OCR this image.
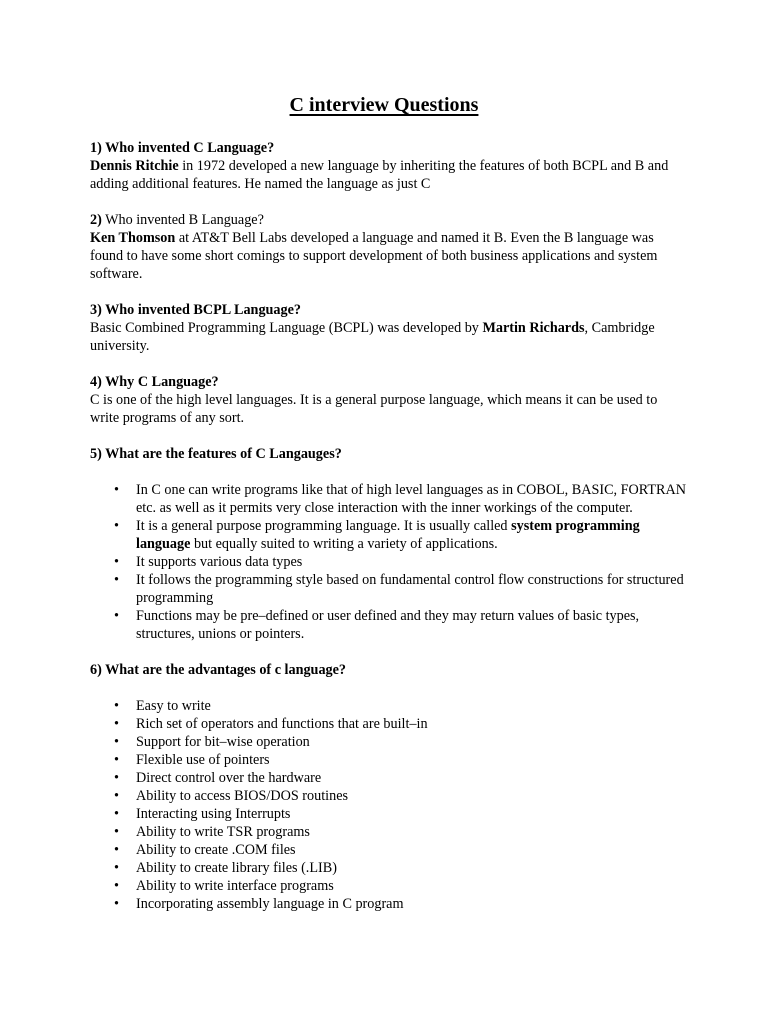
C interview Questions

1) Who invented C Language?

Dennis Ritchie in 1972 developed a new language by inheriting the features of both BCPL and B and adding additional features. He named the language as just C

2) Who invented B Language?

Ken Thomson at AT&T Bell Labs developed a language and named it B. Even the B language was found to have some short comings to support development of both business applications and system software.

3) Who invented BCPL Language?

Basic Combined Programming Language (BCPL) was developed by Martin Richards, Cambridge university.

4) Why C Language?

C is one of the high level languages. It is a general purpose language, which means it can be used to write programs of any sort.

5) What are the features of C Langauges?

• In C one can write programs like that of high level languages as in COBOL, BASIC, FORTRAN etc. as well as it permits very close interaction with the inner workings of the computer.
• It is a general purpose programming language. It is usually called system programming language but equally suited to writing a variety of applications.
• It supports various data types
• It follows the programming style based on fundamental control flow constructions for structured programming
• Functions may be pre–defined or user defined and they may return values of basic types, structures, unions or pointers.

6) What are the advantages of c language?

• Easy to write
• Rich set of operators and functions that are built–in
• Support for bit–wise operation
• Flexible use of pointers
• Direct control over the hardware
• Ability to access BIOS/DOS routines
• Interacting using Interrupts
• Ability to write TSR programs
• Ability to create .COM files
• Ability to create library files (.LIB)
• Ability to write interface programs
• Incorporating assembly language in C program
